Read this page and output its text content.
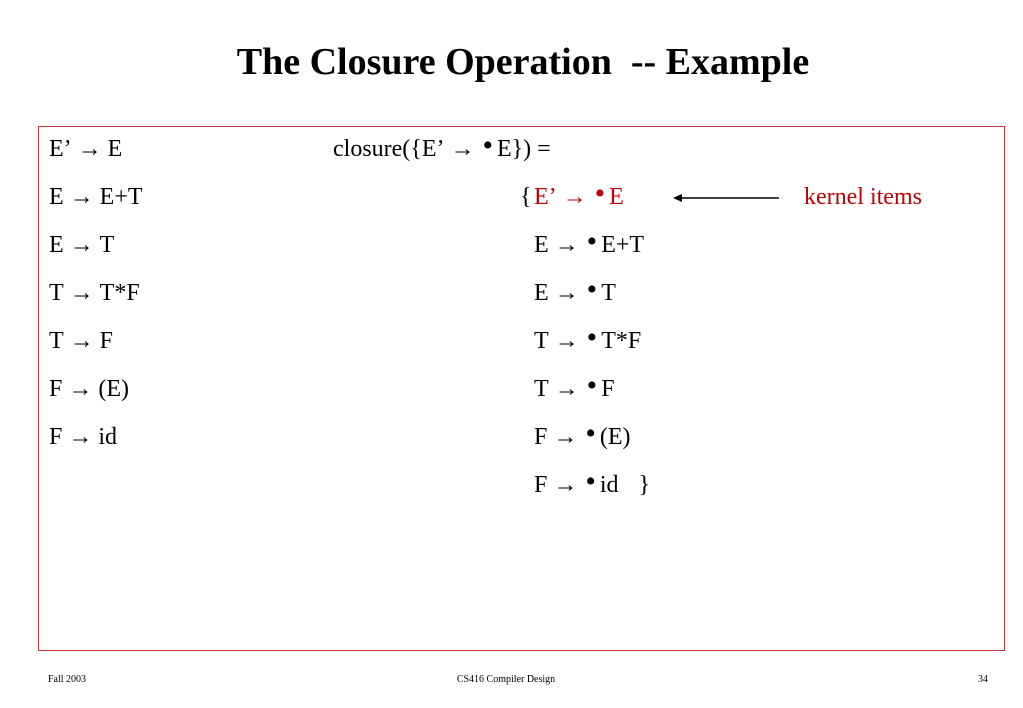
The Closure Operation  -- Example
E’ → E
E → E+T
E → T
T → T*F
T → F
F → (E)
F → id
closure({E’ → • E}) =
{ E’ → • E
E → • E+T
E → • T
T → • T*F
T → • F
F → • (E)
F → • id }
kernel items
Fall 2003	CS416 Compiler Design	34
